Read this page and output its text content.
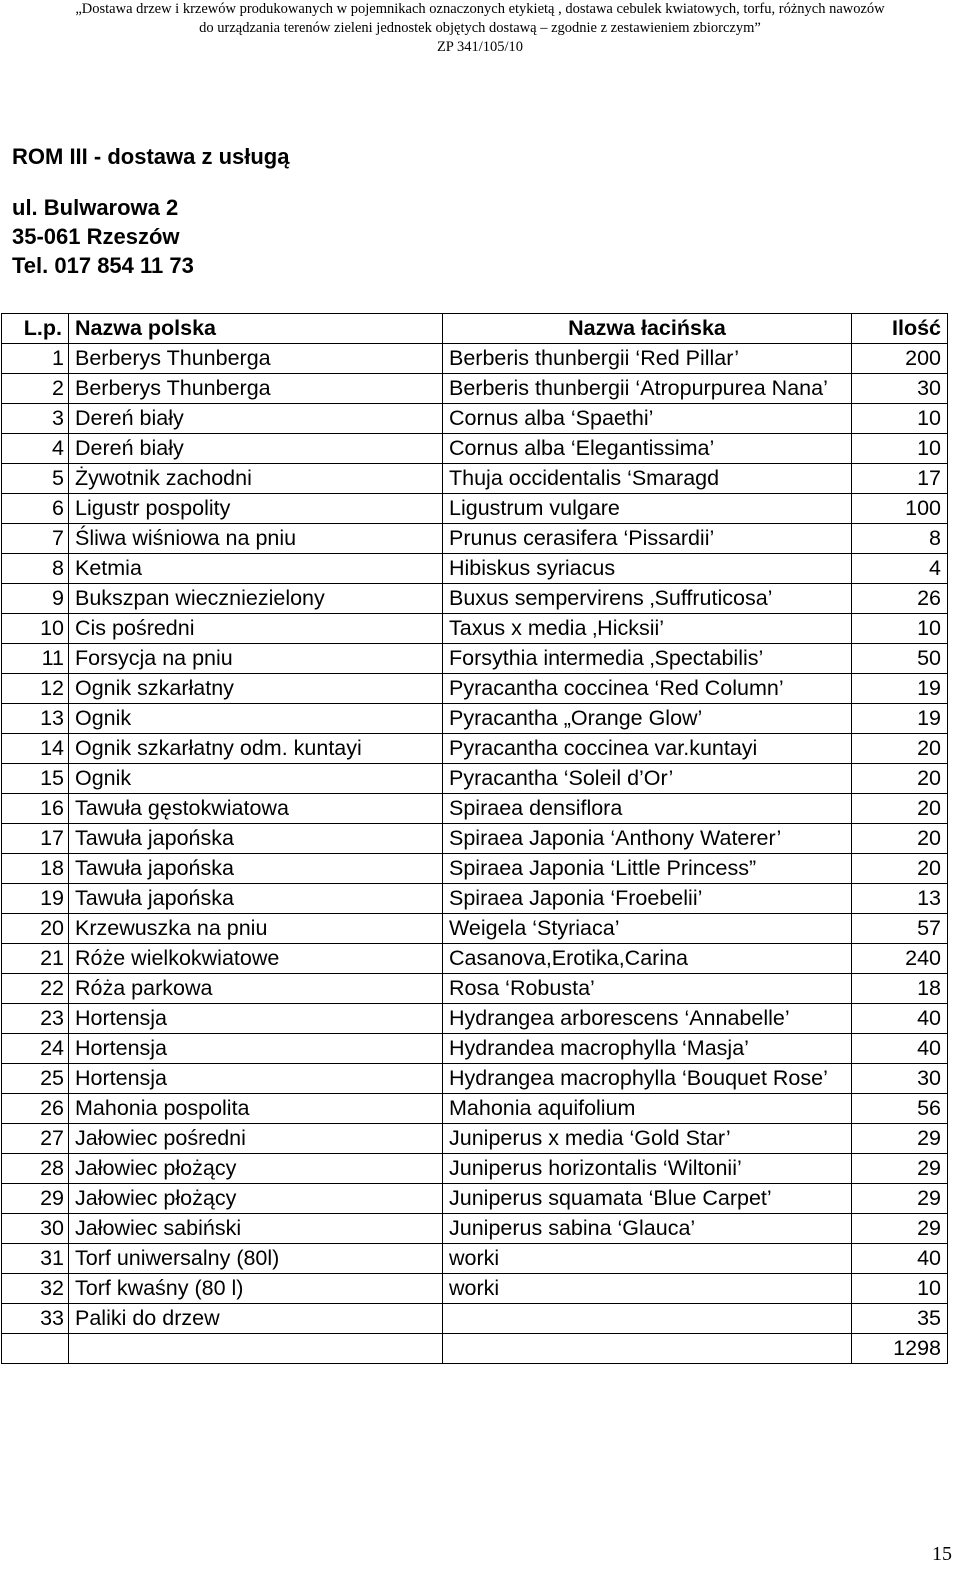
„Dostawa drzew i krzewów produkowanych w pojemnikach oznaczonych etykietą , dostawa cebulek kwiatowych, torfu, różnych nawozów
do urządzania terenów zieleni jednostek objętych dostawą – zgodnie z zestawieniem zbiorczym”
ZP 341/105/10
ROM III - dostawa z usługą
ul. Bulwarowa 2
35-061 Rzeszów
Tel. 017 854 11 73
L.p.	Nazwa polska	Nazwa łacińska	Ilość
1	Berberys Thunberga	Berberis thunbergii ‘Red Pillar’	200
2	Berberys Thunberga	Berberis thunbergii ‘Atropurpurea Nana’	30
3	Dereń biały	Cornus alba ‘Spaethi’	10
4	Dereń biały	Cornus alba ‘Elegantissima’	10
5	Żywotnik zachodni	Thuja occidentalis ‘Smaragd	17
6	Ligustr pospolity	Ligustrum vulgare	100
7	Śliwa wiśniowa na pniu	Prunus cerasifera ‘Pissardii’	8
8	Ketmia	Hibiskus syriacus	4
9	Bukszpan wieczniezielony	Buxus sempervirens ‚Suffruticosa’	26
10	Cis pośredni	Taxus x media ‚Hicksii’	10
11	Forsycja na pniu	Forsythia intermedia ‚Spectabilis’	50
12	Ognik szkarłatny	Pyracantha coccinea ‘Red Column’	19
13	Ognik	Pyracantha „Orange Glow’	19
14	Ognik szkarłatny odm. kuntayi	Pyracantha coccinea var.kuntayi	20
15	Ognik	Pyracantha ‘Soleil d’Or’	20
16	Tawuła gęstokwiatowa	Spiraea densiflora	20
17	Tawuła japońska	Spiraea Japonia ‘Anthony Waterer’	20
18	Tawuła japońska	Spiraea Japonia ‘Little Princess”	20
19	Tawuła japońska	Spiraea Japonia ‘Froebelii’	13
20	Krzewuszka na pniu	Weigela ‘Styriaca’	57
21	Róże wielkokwiatowe	Casanova,Erotika,Carina	240
22	Róża parkowa	Rosa ‘Robusta’	18
23	Hortensja	Hydrangea arborescens ‘Annabelle’	40
24	Hortensja	Hydrandea macrophylla ‘Masja’	40
25	Hortensja	Hydrangea macrophylla ‘Bouquet Rose’	30
26	Mahonia pospolita	Mahonia aquifolium	56
27	Jałowiec pośredni	Juniperus x media ‘Gold Star’	29
28	Jałowiec płożący	Juniperus horizontalis ‘Wiltonii’	29
29	Jałowiec płożący	Juniperus squamata ‘Blue Carpet’	29
30	Jałowiec sabiński	Juniperus sabina ‘Glauca’	29
31	Torf uniwersalny (80l)	worki	40
32	Torf kwaśny (80 l)	worki	10
33	Paliki do drzew		35
			1298
15
